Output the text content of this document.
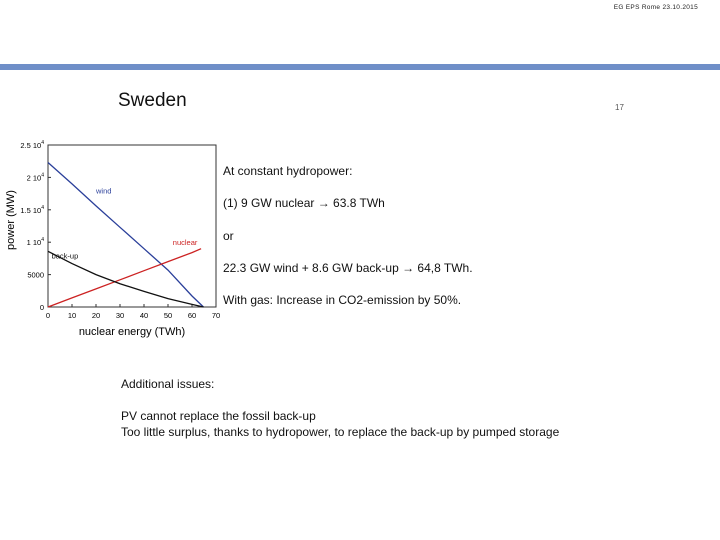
EG EPS Rome 23.10.2015
Sweden	17
power (MW)
nuclear energy (TWh)
0 10 20 30 40 50 60 70
0
5000
1 $10^4$
1.5 $10^4$
2 $10^4$
2.5 $10^4$
wind
nuclear
back-up
At constant hydropower:
(1) 9 GW nuclear → 63.8 TWh
or
22.3 GW wind + 8.6 GW back-up → 64,8 TWh.
With gas: Increase in CO2-emission by 50%.
Additional issues:
PV cannot replace the fossil back-up
Too little surplus, thanks to hydropower, to replace the back-up by pumped storage
